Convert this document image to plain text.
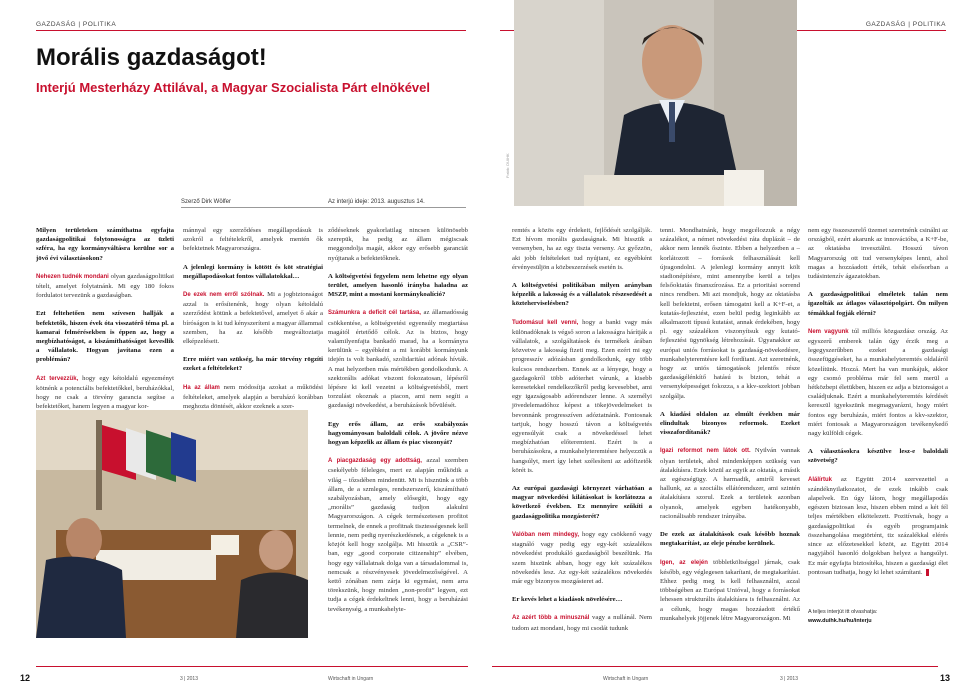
GAZDASÁG | POLITIKA	GAZDASÁG | POLITIKA
Morális gazdaságot!
Interjú Mesterházy Attilával, a Magyar Szocialista Párt elnökével
Szerző Dirk Wölfer	Az interjú ideje: 2013. augusztus 14.
Fotók: DUIHK

Milyen területeken számíthatna egyfajta gazdaságpolitikai folytonosságra az üzleti szféra, ha egy kormányváltásra kerülne sor a jövő évi választásokon?

Nehezen tudnék mondani olyan gazdaságpolitikai tételt, amelyet folytatnánk. Mi egy 180 fokos fordulatot tervezünk a gazdaságban.

Ezt feltehetően nem szívesen hallják a befektetők, hiszen évek óta visszatérő téma pl. a kamarai felmérésekben is éppen az, hogy a megbízhatóságot, a kiszámíthatóságot kevesllik a vállalatok. Hogyan javítana ezen a problémán?

Azt tervezzük, hogy egy kétoldalú egyezményt kötnénk a potenciális befektetőkkel, beruházókkal, hogy ne csak a törvény garancia segítse a befektetőket, hanem legyen a magyar kor-

mánnyal egy szerződéses megállapodásuk is azokról a feltételekről, amelyek mentén ők befektetnek Magyarországra.

A jelenlegi kormány is kötött és köt stratégiai megállapodásokat fontos vállalatokkal…

De ezek nem erről szólnak. Mi a jogbiztonságot azzal is erősítenénk, hogy olyan kétoldalú szerződést kötünk a befektetővel, amelyet ő akár a bíróságon is ki tud kényszeríteni a magyar állammal szemben, ha az később megváltoztatja elképzeléseit.

Erre miért van szükség, ha már törvény rögzíti ezeket a feltételeket?

Ha az állam nem módosítja azokat a működési feltételeket, amelyek alapján a beruházó korábban meghozta döntését, akkor ezeknek a szer-

ződéseknek gyakorlatilag nincsen különösebb szerepük, ha pedig az állam mégiscsak meggondolja magát, akkor egy erősebb garanciát nyújtanak a befektetőknek.

A költségvetési fegyelem nem lehetne egy olyan terület, amelyen hasonló irányba haladna az MSZP, mint a mostani kormánykoalíció?

Számunkra a deficit cél tartása, az államadósság csökkentése, a költségvetési egyensúly megtartása magától értetődő célok. Az is biztos, hogy valamilyenfajta bankadó marad, ha a kormányra kerülünk – egyébként a mi korábbi kormányunk idején is volt bankadó, szolidaritási adónak hívták. A mai helyzetben más mértékben gondolkodunk. A szektorális adókat viszont fokozatosan, lépésről lépésre ki kell vezetni a költségvetésből, mert torzulást okoznak a piacon, ami nem segíti a gazdasági növekedést, a beruházások bővülését.

Egy erős állam, az erős szabályozás hagyományosan baloldali célok. A jövőre nézve hogyan képzelik az állam és piac viszonyát?

A piacgazdaság egy adottság, azzal szemben csekélyebb féleleges, mert ez alapján működik a világ – tőzsdében mindenütt. Mi is hisznünk a több állam, de a szmleges, rendszerszerű, kiszámítható szabályozásban, amely elősegíti, hogy egy „morális” gazdaság tudjon alakulni Magyarországon. A cégek természetesen profitot termelnek, de ennek a profitnak tisztességesnek kell lennie, nem pedig nyerészkedésnek, a cégeknek is a közjót kell hogy szolgálja. Mi hisszük a „CSR”-ban, egy „good corporate citizenship” elvében, hogy egy vállalatnak dolga van a társadalommal is, nemcsak a részvényesek jövedelmezőségével. A kettő zónában nem zárja ki egymást, nem arra törekszünk, hogy minden „non-profit” legyen, ezt tudja a cégek érdekeltnek lenni, hogy a beruházási tevékenység, a munkahelyte-

remtés a közös egy érdekeit, fejlődését szolgálják. Ezt hívom morális gazdaságnak. Mi hisszük a versenyben, ha az egy tiszta verseny. Az győzzön, aki jobb feltételeket tud nyújtani, ez egyébként érvényesüljön a közbeszerzések esetén is.

A költségvetési politikában milyen arányban képzelik a lakosság és a vállalatok részesedését a közteherviselésben?

Tudomásul kell venni, hogy a banki vagy más különadóknak is végső soron a lakosságra hárítják a vállalatok, a szolgáltatások és termékek árában közvetve a lakosság fizeti meg. Ezen ezért mi egy progresszív adózásban gondolkodunk, egy több kulcsos rendszerben. Ennek az a lényege, hogy a gazdagokról több adóterhet várunk, a kisebb keresetekkel rendelkezőkről pedig kevesebbet, ami egy igazságosabb adórendszer lenne. A személyi jövedelemadóhoz képest a tökejövedelmeket is bevonnánk progresszíven adóztatnánk. Fontosnak tartjuk, hogy hosszú távon a költségvetés egyensúlyát csak a növekedéssel lehet megbízhatóan előteremteni. Ezért is a beruházásokra, a munkahelyteremtésre helyezzük a hangsúlyt, mert így lehet szélesíteni az adófizetők körét is.

Az európai gazdasági környezet várhatóan a magyar növekedési kilátásokat is korlátozza a következő években. Ez mennyire szűkíti a gazdaságpolitika mozgásterét?

Valóban nem mindegy, hogy egy csökkenő vagy stagnáló vagy pedig egy egy-két százalékos növekedést produkáló gazdaságból beszélünk. Ha szem hiszünk abban, hogy egy két százalékos növekedés lesz. Az egy-két százalékos növekedés már egy bizonyos mozgásteret ad.

Er kevés lehet a kiadások növelésére…

Az azért több a minusznál vagy a nullánál. Nem tudom azt mondani, hogy mi csodát tudunk

tenni. Mondhatnánk, hogy megcélozzuk a négy százalékot, a német növekedési ráta duplázát – de akkor nem lennék őszinte. Ebben a helyzetben a – korlátozott – források felhasználását kell újragondolni. A jelenlegi kormány annyit költ stadionépítésre, mint amennyibe kerül a teljes felsőoktatás finanszírozása. Ez a prioritási sorrend nincs rendben. Mi azt mondjuk, hogy az oktatásba kell befektetni, erősen támogatni kell a K+F-et, a kutatás-fejlesztést, ezen belül pedig leginkább az alkalmazott típusú kutatást, annak érdekében, hogy pl. egy százalékon viszonyítsuk egy kutató-fejlesztési ügynökség létrehozását. Ügyanakkor az európai uniós forrásokat is gazdaság-növekedésre, munkahelyteremtésre kell fordítani. Azt szeretnénk, hogy az uniós támogatások jelentős része gazdaságélénkítő hatású is bizton, tehát a versenyképességet fokozza, s a kkv-szektort jobban szolgálja.

A kiadási oldalon az elmúlt években már elindultak bizonyos reformok. Ezeket visszafordítanák?

Igazi reformot nem látok ott. Nyilván vannak olyan területek, ahol mindenképpen szükség van átalakításra. Ezek közül az egyik az oktatás, a másik az egészségügy. A harmadik, amiről keveset hallunk, az a szociális ellátórendszer, ami szintén átalakításra szorul. Ezek a területek azonban olyanok, amelyek egyben hatékonyabb, racionálisabb rendszer irányába.

De ezek az átalakítások csak később hoznak megtakarítást, az eleje pénzbe kerülnek.

Igen, az elején többletköltséggel járnak, csak később, egy véglegesen takarítani, de megtakarítást. Ehhez pedig meg is kell felhasználni, azzal többségében az Európai Unióval, hogy a forrásokat lehessen strukturális átalakításra is felhasználni. Az a célunk, hogy magas hozzáadott értékű munkahelyek jöjjenek létre Magyarországon. Mi

nem egy összeszerelő üzemet szeretnénk csinálni az országból, ezért akarunk az innovációba, a K+F-be, az oktatásba invesztálni. Hosszú távon Magyarország ott tud versenyképes lenni, ahol magas a hozzáadott érték, tehát elsősorban a tudásintenzív ágazatokban.

A gazdaságpolitikai elméletek talán nem igazolták az átlagos választópolgárt. Ön milyen témákkal fogják elérni?

Nem vagyunk túl milliós közgazdász ország. Az egyszerű emberek talán úgy érzik meg a legegyszerűbben ezeket a gazdasági összefüggéseket, ha a munkahelyteremtés oldaláról közelítünk. Hozzá. Mert ha van munkájuk, akkor egy csomó probléma már fel sem merül a hétközbepi életükben, hiszen ez adja a biztonságot a családjuknak. Ezért a munkahelyteremtés kérdését kereszül igyekszünk megmagyarázni, hogy miért fontos egy beruházás, miért fontos a kkv-szektor, miért fontosak a Magyarországon tevékenykedő nagy külföldi cégek.

A választásokra készülve lesz-e baloldali szövetség?

Alálírtuk az Együtt 2014 szervezettel a szándéknyilatkozatot, de ezek inkább csak alapelvek. En úgy látom, hogy megállapodás egészen biztosan lesz, hiszen ebben mind a két fél teljes mértékben elkötelezett. Pozitívnak, hogy a gazdaságpolitikai és egyéb programjaink összehangolása megtörtént, tiz százalékkal elérés since az előzetesekkel közöt, az Együtt 2014 nagyjából hasonló dolgokban helyez a hangsúlyt. Ez már egyfajta biztosítéka, hiszen a gazdasági élet pontosan tudhatja, hogy ki lehet számítani.

A teljes interjút itt olvashatja:
www.duihk.hu/hu/interju
12	3 | 2013	Wirtschaft in Ungarn	Wirtschaft in Ungarn	3 | 2013	13
